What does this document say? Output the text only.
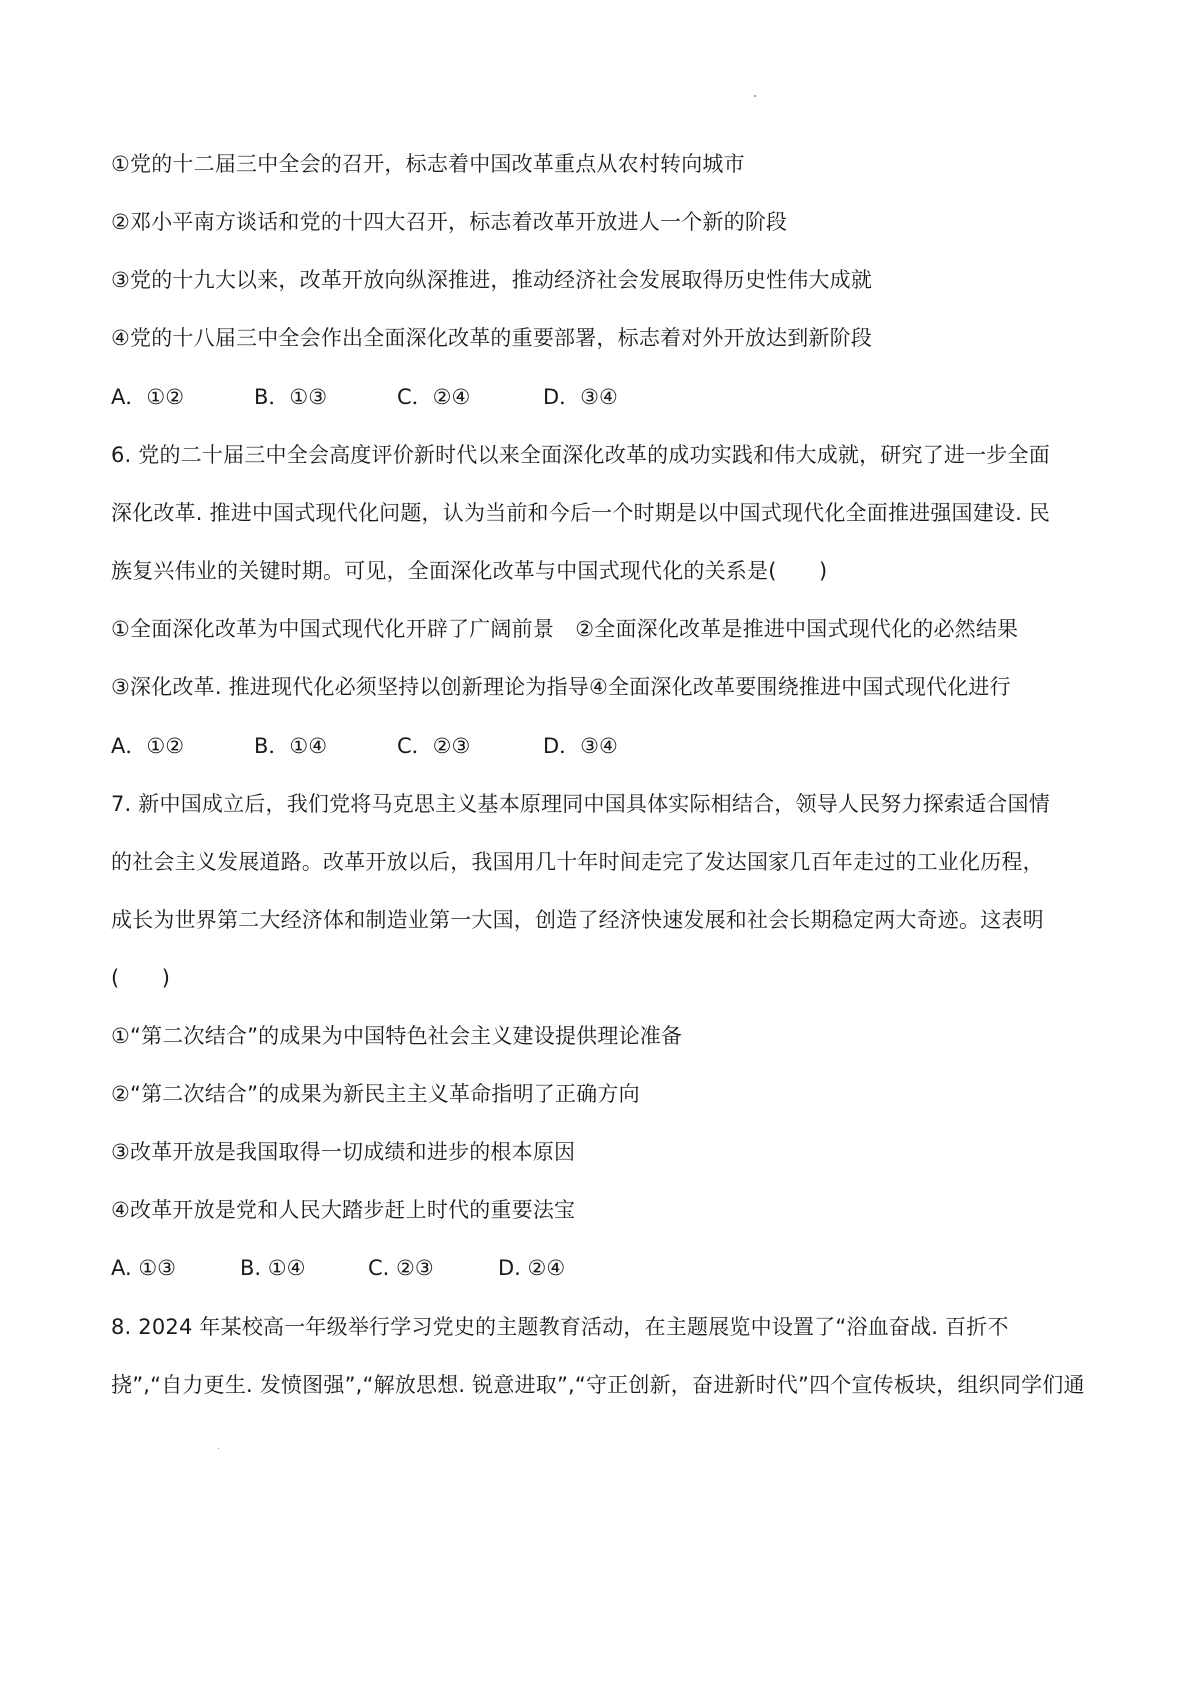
①党的十二届三中全会的召开，标志着中国改革重点从农村转向城市
②邓小平南方谈话和党的十四大召开，标志着改革开放进人一个新的阶段
③党的十九大以来，改革开放向纵深推进，推动经济社会发展取得历史性伟大成就
④党的十八届三中全会作出全面深化改革的重要部署，标志着对外开放达到新阶段
A．①②	B．①③	C．②④	D．③④
6. 党的二十届三中全会高度评价新时代以来全面深化改革的成功实践和伟大成就，研究了进一步全面
深化改革. 推进中国式现代化问题，认为当前和今后一个时期是以中国式现代化全面推进强国建设. 民
族复兴伟业的关键时期。可见，全面深化改革与中国式现代化的关系是(　　)
①全面深化改革为中国式现代化开辟了广阔前景　②全面深化改革是推进中国式现代化的必然结果
③深化改革. 推进现代化必须坚持以创新理论为指导④全面深化改革要围绕推进中国式现代化进行
A．①②	B．①④	C．②③	D．③④
7. 新中国成立后，我们党将马克思主义基本原理同中国具体实际相结合，领导人民努力探索适合国情
的社会主义发展道路。改革开放以后，我国用几十年时间走完了发达国家几百年走过的工业化历程，
成长为世界第二大经济体和制造业第一大国，创造了经济快速发展和社会长期稳定两大奇迹。这表明
(　　)
①“第二次结合”的成果为中国特色社会主义建设提供理论准备
②“第二次结合”的成果为新民主主义革命指明了正确方向
③改革开放是我国取得一切成绩和进步的根本原因
④改革开放是党和人民大踏步赶上时代的重要法宝
A. ①③	B. ①④	C. ②③	D. ②④
8. 2024 年某校高一年级举行学习党史的主题教育活动，在主题展览中设置了“浴血奋战. 百折不
挠”,“自力更生. 发愤图强”,“解放思想. 锐意进取”,“守正创新，奋进新时代”四个宣传板块，组织同学们通
